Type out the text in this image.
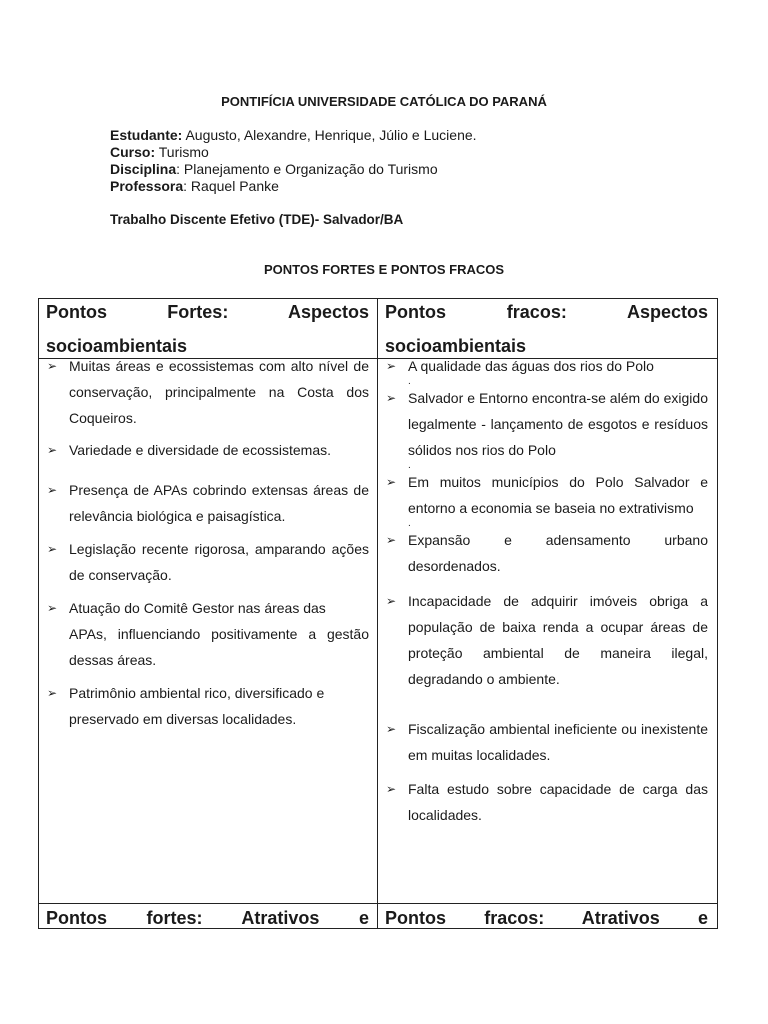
PONTIFÍCIA UNIVERSIDADE CATÓLICA DO PARANÁ
Estudante: Augusto, Alexandre, Henrique, Júlio e Luciene.
Curso: Turismo
Disciplina: Planejamento e Organização do Turismo
Professora: Raquel Panke
Trabalho Discente Efetivo (TDE)- Salvador/BA
PONTOS FORTES E PONTOS FRACOS
Pontos Fortes: Aspectos
socioambientais
Pontos fracos: Aspectos
socioambientais
➢ Muitas áreas e ecossistemas com alto nível de conservação, principalmente na Costa dos Coqueiros.
➢ Variedade e diversidade de ecossistemas.
➢ Presença de APAs cobrindo extensas áreas de relevância biológica e paisagística.
➢ Legislação recente rigorosa, amparando ações de conservação.
➢ Atuação do Comitê Gestor nas áreas das
APAs, influenciando positivamente a gestão dessas áreas.
➢ Patrimônio ambiental rico, diversificado e
preservado em diversas localidades.
➢ A qualidade das águas dos rios do Polo
.
➢ Salvador e Entorno encontra-se além do exigido legalmente - lançamento de esgotos e resíduos sólidos nos rios do Polo
.
➢ Em muitos municípios do Polo Salvador e entorno a economia se baseia no extrativismo
.
➢ Expansão e adensamento urbano desordenados.
➢ Incapacidade de adquirir imóveis obriga a população de baixa renda a ocupar áreas de proteção ambiental de maneira ilegal, degradando o ambiente.
➢ Fiscalização ambiental ineficiente ou inexistente em muitas localidades.
➢ Falta estudo sobre capacidade de carga das localidades.
Pontos fortes: Atrativos e Pontos fracos: Atrativos e
